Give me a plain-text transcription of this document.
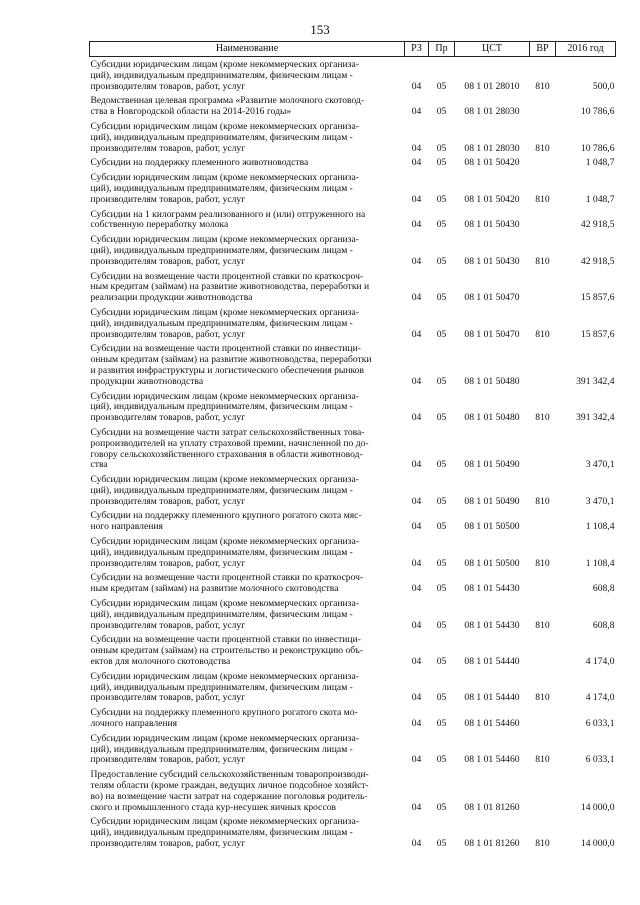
153
Наименование	РЗ	Пр	ЦСТ	ВР	2016 год

Субсидии юридическим лицам (кроме некоммерческих организа-
ций), индивидуальным предпринимателям, физическим лицам -
производителям товаров, работ, услуг	04	05	08 1 01 28010	810	500,0

Ведомственная целевая программа «Развитие молочного скотовод-
ства в Новгородской области на 2014-2016 годы»	04	05	08 1 01 28030		10 786,6

Субсидии юридическим лицам (кроме некоммерческих организа-
ций), индивидуальным предпринимателям, физическим лицам -
производителям товаров, работ, услуг	04	05	08 1 01 28030	810	10 786,6

Субсидии на поддержку племенного животноводства	04	05	08 1 01 50420		1 048,7

Субсидии юридическим лицам (кроме некоммерческих организа-
ций), индивидуальным предпринимателям, физическим лицам -
производителям товаров, работ, услуг	04	05	08 1 01 50420	810	1 048,7

Субсидии на 1 килограмм реализованного и (или) отгруженного на
собственную переработку молока	04	05	08 1 01 50430		42 918,5

Субсидии юридическим лицам (кроме некоммерческих организа-
ций), индивидуальным предпринимателям, физическим лицам -
производителям товаров, работ, услуг	04	05	08 1 01 50430	810	42 918,5

Субсидии на возмещение части процентной ставки по краткосроч-
ным кредитам (займам) на развитие животноводства, переработки и
реализации продукции животноводства	04	05	08 1 01 50470		15 857,6

Субсидии юридическим лицам (кроме некоммерческих организа-
ций), индивидуальным предпринимателям, физическим лицам -
производителям товаров, работ, услуг	04	05	08 1 01 50470	810	15 857,6

Субсидии на возмещение части процентной ставки по инвестици-
онным кредитам (займам) на развитие животноводства, переработки
и развития инфраструктуры и логистического обеспечения рынков
продукции животноводства	04	05	08 1 01 50480		391 342,4

Субсидии юридическим лицам (кроме некоммерческих организа-
ций), индивидуальным предпринимателям, физическим лицам -
производителям товаров, работ, услуг	04	05	08 1 01 50480	810	391 342,4

Субсидии на возмещение части затрат сельскохозяйственных това-
ропроизводителей на уплату страховой премии, начисленной по до-
говору сельскохозяйственного страхования в области животновод-
ства	04	05	08 1 01 50490		3 470,1

Субсидии юридическим лицам (кроме некоммерческих организа-
ций), индивидуальным предпринимателям, физическим лицам -
производителям товаров, работ, услуг	04	05	08 1 01 50490	810	3 470,1

Субсидии на поддержку племенного крупного рогатого скота мяс-
ного направления	04	05	08 1 01 50500		1 108,4

Субсидии юридическим лицам (кроме некоммерческих организа-
ций), индивидуальным предпринимателям, физическим лицам -
производителям товаров, работ, услуг	04	05	08 1 01 50500	810	1 108,4

Субсидии на возмещение части процентной ставки по краткосроч-
ным кредитам (займам) на развитие молочного скотоводства	04	05	08 1 01 54430		608,8

Субсидии юридическим лицам (кроме некоммерческих организа-
ций), индивидуальным предпринимателям, физическим лицам -
производителям товаров, работ, услуг	04	05	08 1 01 54430	810	608,8

Субсидии на возмещение части процентной ставки по инвестици-
онным кредитам (займам) на строительство и реконструкцию объ-
ектов для молочного скотоводства	04	05	08 1 01 54440		4 174,0

Субсидии юридическим лицам (кроме некоммерческих организа-
ций), индивидуальным предпринимателям, физическим лицам -
производителям товаров, работ, услуг	04	05	08 1 01 54440	810	4 174,0

Субсидии на поддержку племенного крупного рогатого скота мо-
лочного направления	04	05	08 1 01 54460		6 033,1

Субсидии юридическим лицам (кроме некоммерческих организа-
ций), индивидуальным предпринимателям, физическим лицам -
производителям товаров, работ, услуг	04	05	08 1 01 54460	810	6 033,1

Предоставление субсидий сельскохозяйственным товаропроизводи-
телям области (кроме граждан, ведущих личное подсобное хозяйст-
во) на возмещение части затрат на содержание поголовья родитель-
ского и промышленного стада кур-несушек яичных кроссов	04	05	08 1 01 81260		14 000,0

Субсидии юридическим лицам (кроме некоммерческих организа-
ций), индивидуальным предпринимателям, физическим лицам -
производителям товаров, работ, услуг	04	05	08 1 01 81260	810	14 000,0
